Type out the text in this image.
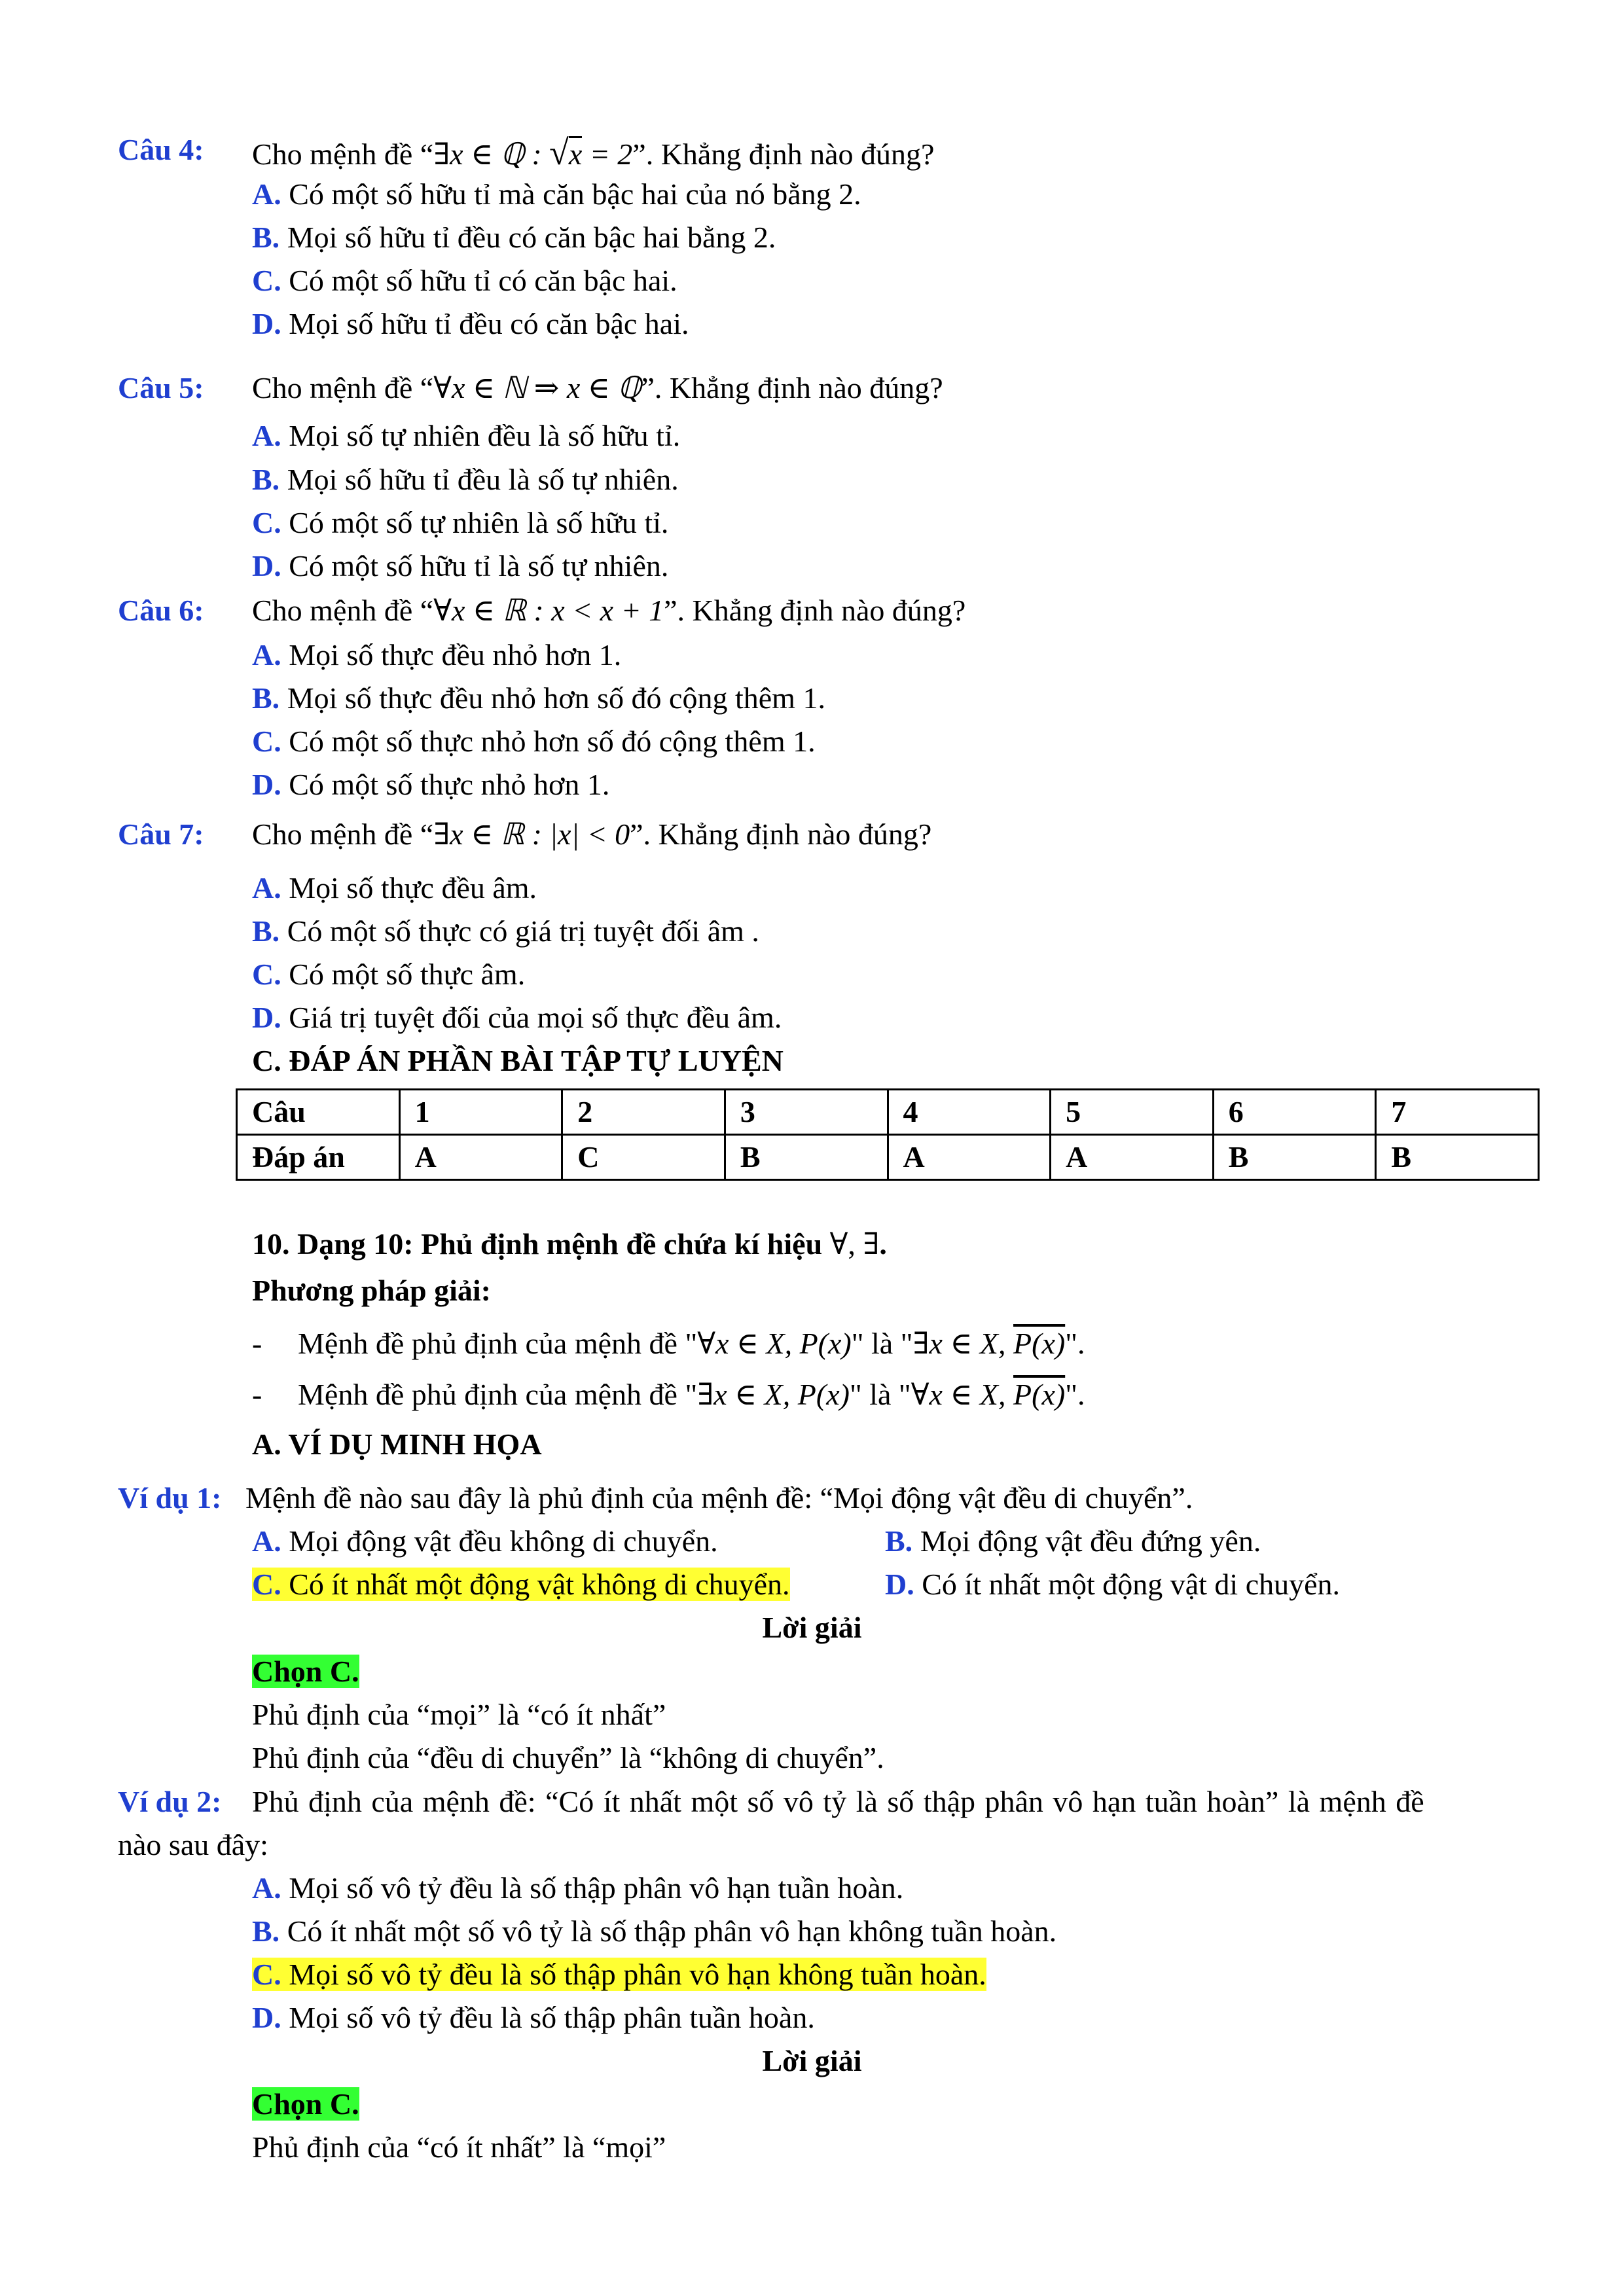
Câu 4: Cho mệnh đề “∃x ∈ ℚ : √x = 2”. Khẳng định nào đúng?
A. Có một số hữu tỉ mà căn bậc hai của nó bằng 2.
B. Mọi số hữu tỉ đều có căn bậc hai bằng 2.
C. Có một số hữu tỉ có căn bậc hai.
D. Mọi số hữu tỉ đều có căn bậc hai.
Câu 5: Cho mệnh đề “∀x ∈ ℕ ⇒ x ∈ ℚ”. Khẳng định nào đúng?
A. Mọi số tự nhiên đều là số hữu tỉ.
B. Mọi số hữu tỉ đều là số tự nhiên.
C. Có một số tự nhiên là số hữu tỉ.
D. Có một số hữu tỉ là số tự nhiên.
Câu 6: Cho mệnh đề “∀x ∈ ℝ : x < x + 1”. Khẳng định nào đúng?
A. Mọi số thực đều nhỏ hơn 1.
B. Mọi số thực đều nhỏ hơn số đó cộng thêm 1.
C. Có một số thực nhỏ hơn số đó cộng thêm 1.
D. Có một số thực nhỏ hơn 1.
Câu 7: Cho mệnh đề “∃x ∈ ℝ : |x| < 0”. Khẳng định nào đúng?
A. Mọi số thực đều âm.
B. Có một số thực có giá trị tuyệt đối âm .
C. Có một số thực âm.
D. Giá trị tuyệt đối của mọi số thực đều âm.
C. ĐÁP ÁN PHẦN BÀI TẬP TỰ LUYỆN
Câu	1	2	3	4	5	6	7
Đáp án	A	C	B	A	A	B	B
10. Dạng 10: Phủ định mệnh đề chứa kí hiệu ∀, ∃.
Phương pháp giải:
- Mệnh đề phủ định của mệnh đề "∀x ∈ X, P(x)" là "∃x ∈ X, P(x)".
- Mệnh đề phủ định của mệnh đề "∃x ∈ X, P(x)" là "∀x ∈ X, P(x)".
A. VÍ DỤ MINH HỌA
Ví dụ 1: Mệnh đề nào sau đây là phủ định của mệnh đề: “Mọi động vật đều di chuyển”.
A. Mọi động vật đều không di chuyển.	B. Mọi động vật đều đứng yên.
C. Có ít nhất một động vật không di chuyển.	D. Có ít nhất một động vật di chuyển.
Lời giải
Chọn C.
Phủ định của “mọi” là “có ít nhất”
Phủ định của “đều di chuyển” là “không di chuyển”.
Ví dụ 2: Phủ định của mệnh đề: “Có ít nhất một số vô tỷ là số thập phân vô hạn tuần hoàn” là mệnh đề
nào sau đây:
A. Mọi số vô tỷ đều là số thập phân vô hạn tuần hoàn.
B. Có ít nhất một số vô tỷ là số thập phân vô hạn không tuần hoàn.
C. Mọi số vô tỷ đều là số thập phân vô hạn không tuần hoàn.
D. Mọi số vô tỷ đều là số thập phân tuần hoàn.
Lời giải
Chọn C.
Phủ định của “có ít nhất” là “mọi”
